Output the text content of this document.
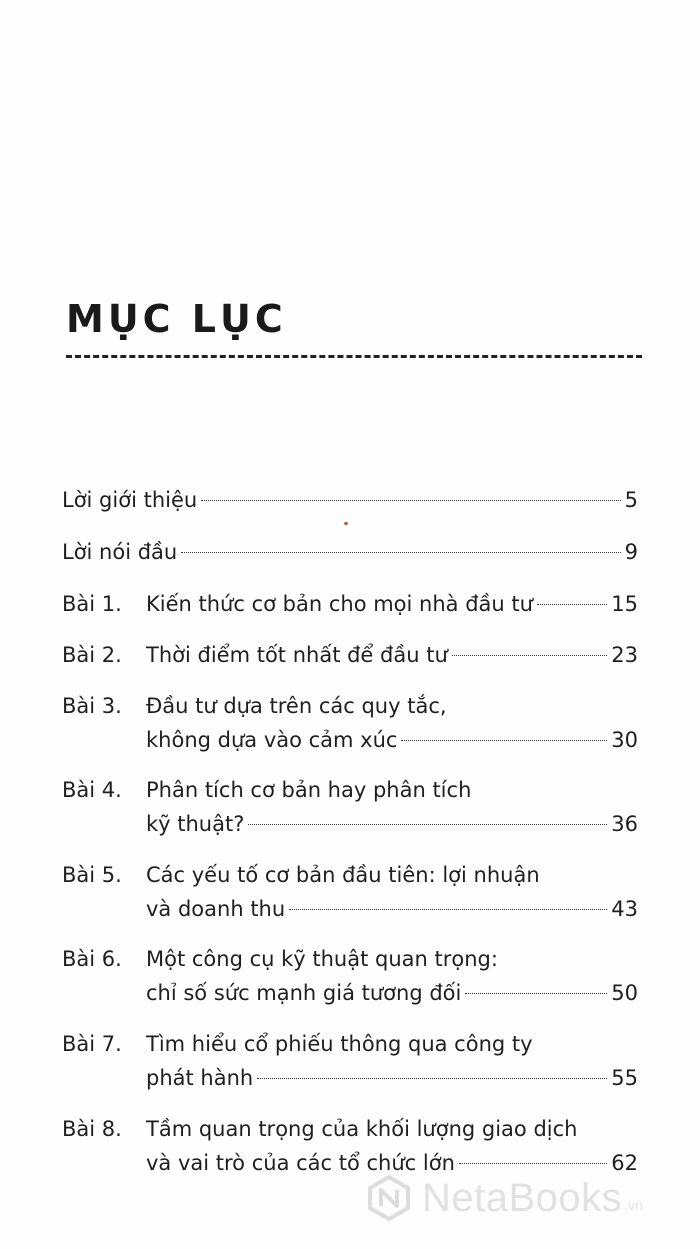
MỤC LỤC
Lời giới thiệu	5
Lời nói đầu	9
Bài 1.	Kiến thức cơ bản cho mọi nhà đầu tư	15
Bài 2.	Thời điểm tốt nhất để đầu tư	23
Bài 3.	Đầu tư dựa trên các quy tắc,
không dựa vào cảm xúc	30
Bài 4.	Phân tích cơ bản hay phân tích
kỹ thuật?	36
Bài 5.	Các yếu tố cơ bản đầu tiên: lợi nhuận
và doanh thu	43
Bài 6.	Một công cụ kỹ thuật quan trọng:
chỉ số sức mạnh giá tương đối	50
Bài 7.	Tìm hiểu cổ phiếu thông qua công ty
phát hành	55
Bài 8.	Tầm quan trọng của khối lượng giao dịch
và vai trò của các tổ chức lớn	62
NetaBooks .vn
